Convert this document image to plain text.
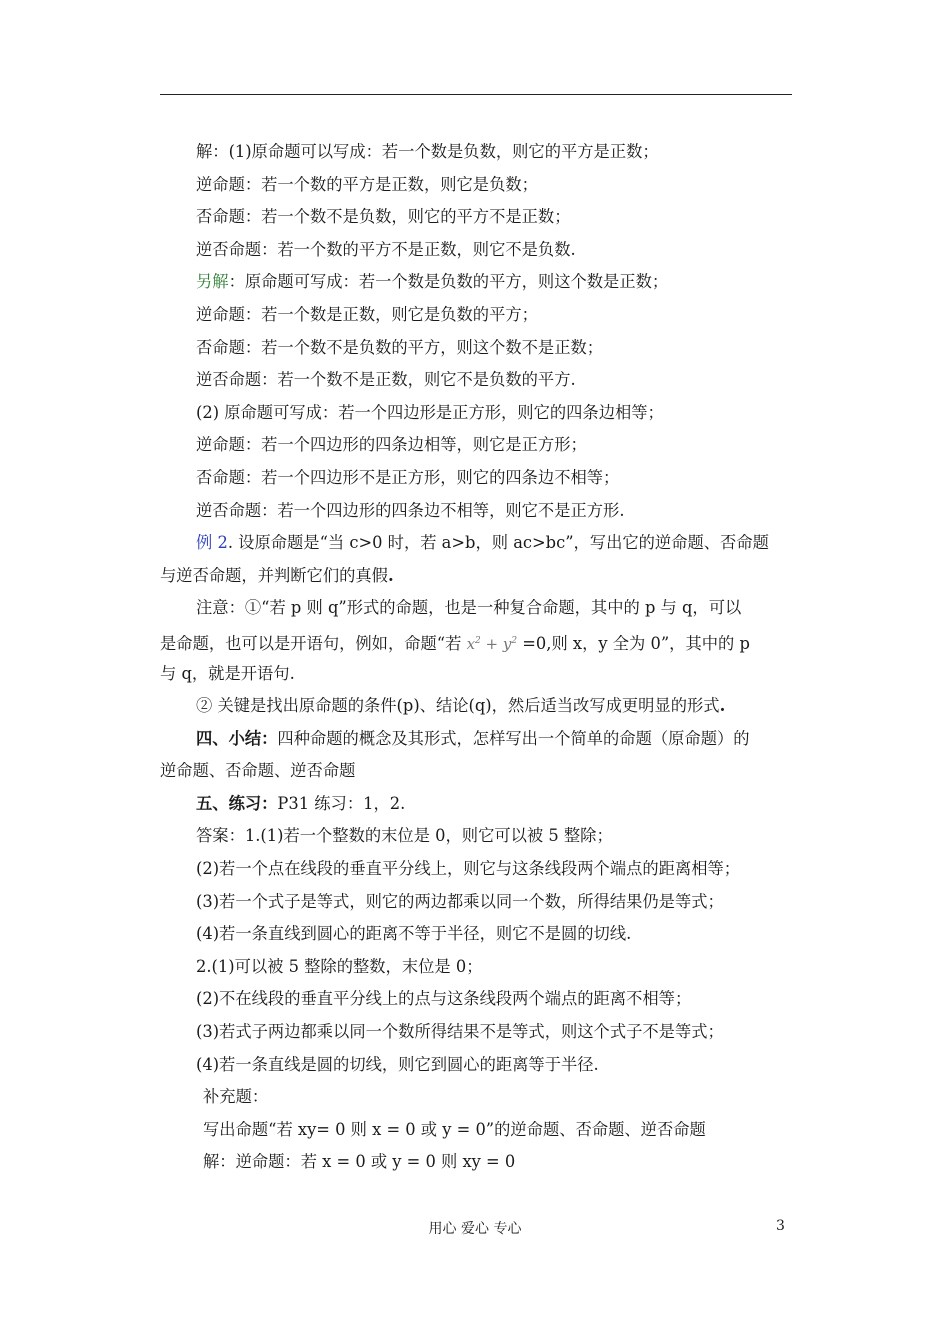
解：(1)原命题可以写成：若一个数是负数，则它的平方是正数；
逆命题：若一个数的平方是正数，则它是负数；
否命题：若一个数不是负数，则它的平方不是正数；
逆否命题：若一个数的平方不是正数，则它不是负数.
另解：原命题可写成：若一个数是负数的平方，则这个数是正数；
逆命题：若一个数是正数，则它是负数的平方；
否命题：若一个数不是负数的平方，则这个数不是正数；
逆否命题：若一个数不是正数，则它不是负数的平方.
(2) 原命题可写成：若一个四边形是正方形，则它的四条边相等；
逆命题：若一个四边形的四条边相等，则它是正方形；
否命题：若一个四边形不是正方形，则它的四条边不相等；
逆否命题：若一个四边形的四条边不相等，则它不是正方形.
例 2. 设原命题是“当 c>0 时，若 a>b，则 ac>bc”，写出它的逆命题、否命题
与逆否命题，并判断它们的真假.
注意：①“若 p 则 q”形式的命题，也是一种复合命题，其中的 p 与 q，可以
是命题，也可以是开语句，例如，命题“若 $x^2 + y^2 =0$,则 x，y 全为 0”，其中的 p
与 q，就是开语句.
② 关键是找出原命题的条件(p)、结论(q)，然后适当改写成更明显的形式.
四、小结：四种命题的概念及其形式，怎样写出一个简单的命题（原命题）的
逆命题、否命题、逆否命题
五、练习：P31 练习：1，2.
答案：1.(1)若一个整数的末位是 0，则它可以被 5 整除；
(2)若一个点在线段的垂直平分线上，则它与这条线段两个端点的距离相等；
(3)若一个式子是等式，则它的两边都乘以同一个数，所得结果仍是等式；
(4)若一条直线到圆心的距离不等于半径，则它不是圆的切线.
2.(1)可以被 5 整除的整数，末位是 0；
(2)不在线段的垂直平分线上的点与这条线段两个端点的距离不相等；
(3)若式子两边都乘以同一个数所得结果不是等式，则这个式子不是等式；
(4)若一条直线是圆的切线，则它到圆心的距离等于半径.
补充题：
写出命题“若 xy= 0 则 x = 0 或 y = 0”的逆命题、否命题、逆否命题
解：逆命题：若 x = 0 或 y = 0 则 xy = 0
用心 爱心 专心	3
